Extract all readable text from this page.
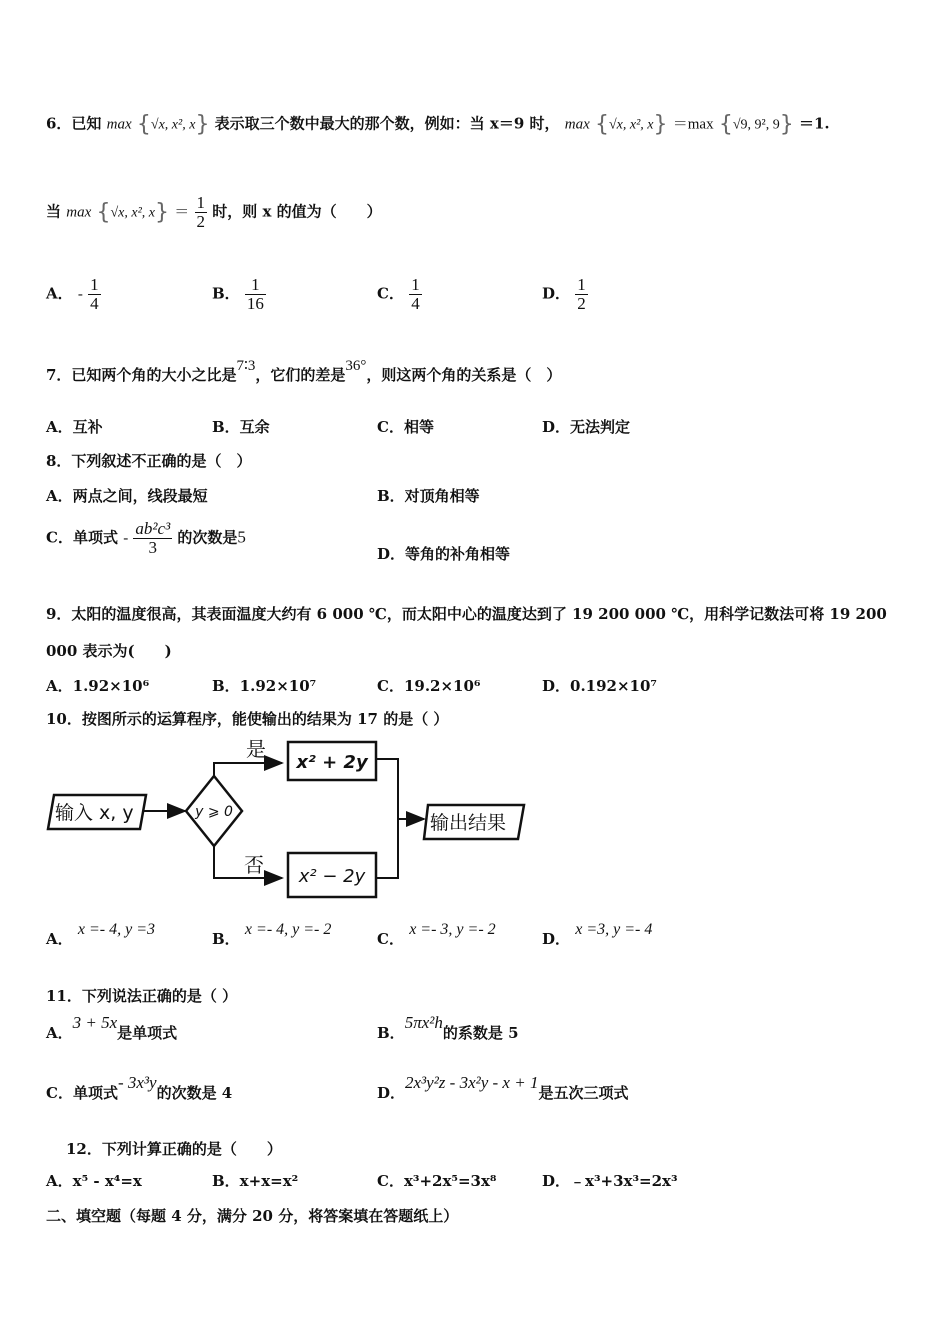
6．已知 max {√x, x², x} 表示取三个数中最大的那个数，例如：当 x＝9 时， max {√x, x², x} ＝max {√9, 9², 9} ＝1.
当 max {√x, x², $x\} = \frac{1}{2}$ 时，则 x 的值为（　　）
A． - $\frac{1}{4}$	B． $\frac{1}{16}$	C． $\frac{1}{4}$	D． $\frac{1}{2}$
7．已知两个角的大小之比是7∶3，它们的差是36°，则这两个角的关系是（　）
A．互补	B．互余	C．相等	D．无法判定
8．下列叙述不正确的是（　）
A．两点之间，线段最短	B．对顶角相等
C．单项式 - $\frac{\text{ab²c³}}{3}$ 的次数是5
D．等角的补角相等
9．太阳的温度很高，其表面温度大约有 6 000 ℃，而太阳中心的温度达到了 19 200 000 ℃，用科学记数法可将 19 200
000 表示为(　　)
A．1.92×10⁶	B．1.92×10⁷	C．19.2×10⁶	D．0.192×10⁷
10．按图所示的运算程序，能使输出的结果为 17 的是（ ）
输入 x, y	y ⩾ 0
是
x² + 2y
否 x² − 2y
输出结果
A． x =- 4, y =3
B． x =- 4, y =- 2
C． x =- 3, y =- 2
D． x =3, y =- 4
11．下列说法正确的是（ ）
A．3 + 5x是单项式	B．5πx²h的系数是 5
C．单项式- 3x³y的次数是 4	D．2x³y²z - 3x²y - x + 1是五次三项式
12．下列计算正确的是（　　）
A．x⁵ - x⁴=x	B．x+x=x²	C．x³+2x⁵=3x⁸	D．﹣x³+3x³=2x³
二、填空题（每题 4 分，满分 20 分，将答案填在答题纸上）
